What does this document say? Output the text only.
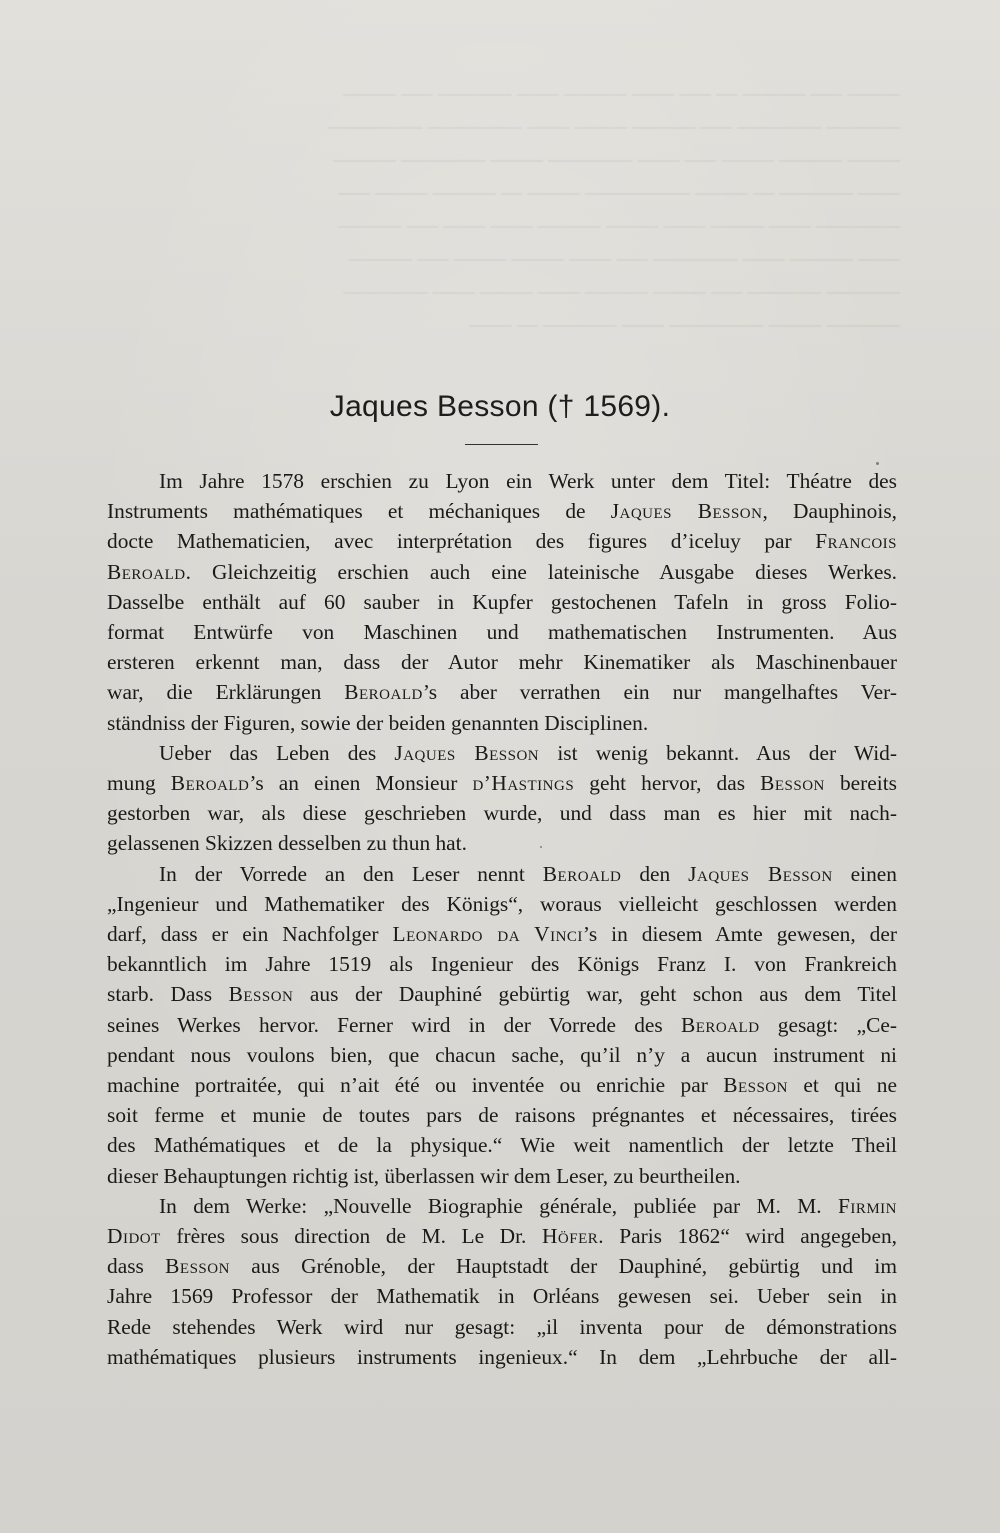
_____ ___ ______ __ ___ ____ ______ ____ _______ ___ _____
_______ ________ ___ ______ _____ ____ _________ _________
_____ ______ _____ ___ ____ ________ _____ ________ ______
____ _______ __ _____ __________ _____ __ ______ _____ ___
________ ____ _____ ____ _____ ______ ____ ____ ___ ______
____ ______ ____ ________ ___ ____ _____ _____ ___ ______
_______ _______ ___ _____ ______ ____ _____ ____ ________
_______ _____ _________ ____ _______ __ ____
Jaques Besson († 1569).
Im Jahre 1578 erschien zu Lyon ein Werk unter dem Titel: Théatre des
Instruments mathématiques et méchaniques de Jaques Besson, Dauphinois,
docte Mathematicien, avec interprétation des figures d’iceluy par Francois
Beroald. Gleichzeitig erschien auch eine lateinische Ausgabe dieses Werkes.
Dasselbe enthält auf 60 sauber in Kupfer gestochenen Tafeln in gross Folio-
format Entwürfe von Maschinen und mathematischen Instrumenten. Aus
ersteren erkennt man, dass der Autor mehr Kinematiker als Maschinenbauer
war, die Erklärungen Beroald’s aber verrathen ein nur mangelhaftes Ver-
ständniss der Figuren, sowie der beiden genannten Disciplinen.
Ueber das Leben des Jaques Besson ist wenig bekannt. Aus der Wid-
mung Beroald’s an einen Monsieur d’Hastings geht hervor, das Besson bereits
gestorben war, als diese geschrieben wurde, und dass man es hier mit nach-
gelassenen Skizzen desselben zu thun hat.
In der Vorrede an den Leser nennt Beroald den Jaques Besson einen
„Ingenieur und Mathematiker des Königs“, woraus vielleicht geschlossen werden
darf, dass er ein Nachfolger Leonardo da Vinci’s in diesem Amte gewesen, der
bekanntlich im Jahre 1519 als Ingenieur des Königs Franz I. von Frankreich
starb. Dass Besson aus der Dauphiné gebürtig war, geht schon aus dem Titel
seines Werkes hervor. Ferner wird in der Vorrede des Beroald gesagt: „Ce-
pendant nous voulons bien, que chacun sache, qu’il n’y a aucun instrument ni
machine portraitée, qui n’ait été ou inventée ou enrichie par Besson et qui ne
soit ferme et munie de toutes pars de raisons prégnantes et nécessaires, tirées
des Mathématiques et de la physique.“ Wie weit namentlich der letzte Theil
dieser Behauptungen richtig ist, überlassen wir dem Leser, zu beurtheilen.
In dem Werke: „Nouvelle Biographie générale, publiée par M. M. Firmin
Didot frères sous direction de M. Le Dr. Höfer. Paris 1862“ wird angegeben,
dass Besson aus Grénoble, der Hauptstadt der Dauphiné, gebürtig und im
Jahre 1569 Professor der Mathematik in Orléans gewesen sei. Ueber sein in
Rede stehendes Werk wird nur gesagt: „il inventa pour de démonstrations
mathématiques plusieurs instruments ingenieux.“ In dem „Lehrbuche der all-
